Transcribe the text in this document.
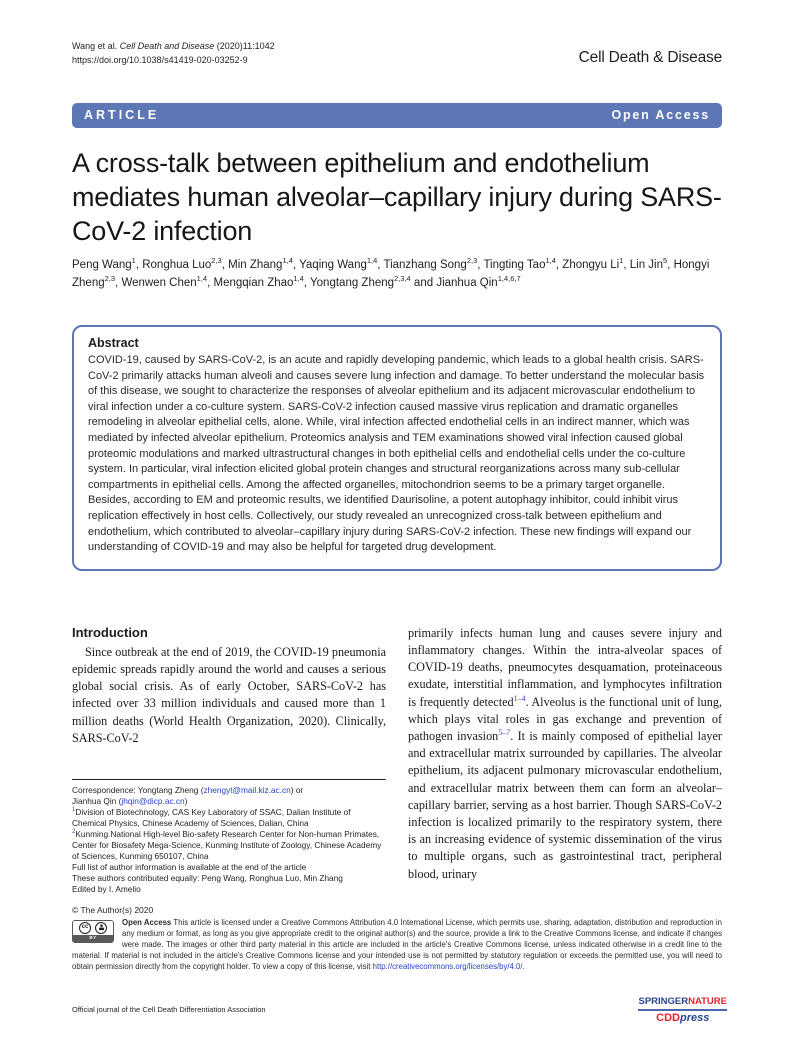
Wang et al. Cell Death and Disease (2020)11:1042
https://doi.org/10.1038/s41419-020-03252-9	Cell Death & Disease
ARTICLE	Open Access
A cross-talk between epithelium and endothelium mediates human alveolar–capillary injury during SARS-CoV-2 infection
Peng Wang$^1$, Ronghua Luo$^{2,3}$, Min Zhang$^{1,4}$, Yaqing Wang$^{1,4}$, Tianzhang Song$^{2,3}$, Tingting Tao$^{1,4}$, Zhongyu Li$^1$, Lin Jin$^5$, Hongyi Zheng$^{2,3}$, Wenwen Chen$^{1,4}$, Mengqian Zhao$^{1,4}$, Yongtang Zheng$^{2,3,4}$ and Jianhua Qin$^{1,4,6,7}$
Abstract
COVID-19, caused by SARS-CoV-2, is an acute and rapidly developing pandemic, which leads to a global health crisis. SARS-CoV-2 primarily attacks human alveoli and causes severe lung infection and damage. To better understand the molecular basis of this disease, we sought to characterize the responses of alveolar epithelium and its adjacent microvascular endothelium to viral infection under a co-culture system. SARS-CoV-2 infection caused massive virus replication and dramatic organelles remodeling in alveolar epithelial cells, alone. While, viral infection affected endothelial cells in an indirect manner, which was mediated by infected alveolar epithelium. Proteomics analysis and TEM examinations showed viral infection caused global proteomic modulations and marked ultrastructural changes in both epithelial cells and endothelial cells under the co-culture system. In particular, viral infection elicited global protein changes and structural reorganizations across many sub-cellular compartments in epithelial cells. Among the affected organelles, mitochondrion seems to be a primary target organelle. Besides, according to EM and proteomic results, we identified Daurisoline, a potent autophagy inhibitor, could inhibit virus replication effectively in host cells. Collectively, our study revealed an unrecognized cross-talk between epithelium and endothelium, which contributed to alveolar–capillary injury during SARS-CoV-2 infection. These new findings will expand our understanding of COVID-19 and may also be helpful for targeted drug development.
Introduction

Since outbreak at the end of 2019, the COVID-19 pneumonia epidemic spreads rapidly around the world and causes a serious global social crisis. As of early October, SARS-CoV-2 has infected over 33 million individuals and caused more than 1 million deaths (World Health Organization, 2020). Clinically, SARS-CoV-2

Correspondence: Yongtang Zheng (zhengyt@mail.kiz.ac.cn) or
Jianhua Qin (jhqin@dicp.ac.cn)

$^1$Division of Biotechnology, CAS Key Laboratory of SSAC, Dalian Institute of Chemical Physics, Chinese Academy of Sciences, Dalian, China

$^2$Kunming National High-level Bio-safety Research Center for Non-human Primates, Center for Biosafety Mega-Science, Kunming Institute of Zoology, Chinese Academy of Sciences, Kunming 650107, China

Full list of author information is available at the end of the article

These authors contributed equally: Peng Wang, Ronghua Luo, Min Zhang

Edited by I. Amelio

primarily infects human lung and causes severe injury and inflammatory changes. Within the intra-alveolar spaces of COVID-19 deaths, pneumocytes desquamation, proteinaceous exudate, interstitial inflammation, and lymphocytes infiltration is frequently detected$^{1-4}$. Alveolus is the functional unit of lung, which plays vital roles in gas exchange and prevention of pathogen invasion$^{5-7}$. It is mainly composed of epithelial layer and extracellular matrix surrounded by capillaries. The alveolar epithelium, its adjacent pulmonary microvascular endothelium, and extracellular matrix between them can form an alveolar–capillary barrier, serving as a host barrier. Though SARS-CoV-2 infection is localized primarily to the respiratory system, there is an increasing evidence of systemic dissemination of the virus to multiple organs, such as gastrointestinal tract, peripheral blood, urinary

© The Author(s) 2020

cc
BY
Open Access This article is licensed under a Creative Commons Attribution 4.0 International License, which permits use, sharing, adaptation, distribution and reproduction in any medium or format, as long as you give appropriate credit to the original author(s) and the source, provide a link to the Creative Commons license, and indicate if changes were made. The images or other third party material in this article are included in the article's Creative Commons license, unless indicated otherwise in a credit line to the material. If material is not included in the article's Creative Commons license and your intended use is not permitted by statutory regulation or exceeds the permitted use, you will need to obtain permission directly from the copyright holder. To view a copy of this license, visit http://creativecommons.org/licenses/by/4.0/.
Official journal of the Cell Death Differentiation Association
SPRINGERNATURE
CDDpress
